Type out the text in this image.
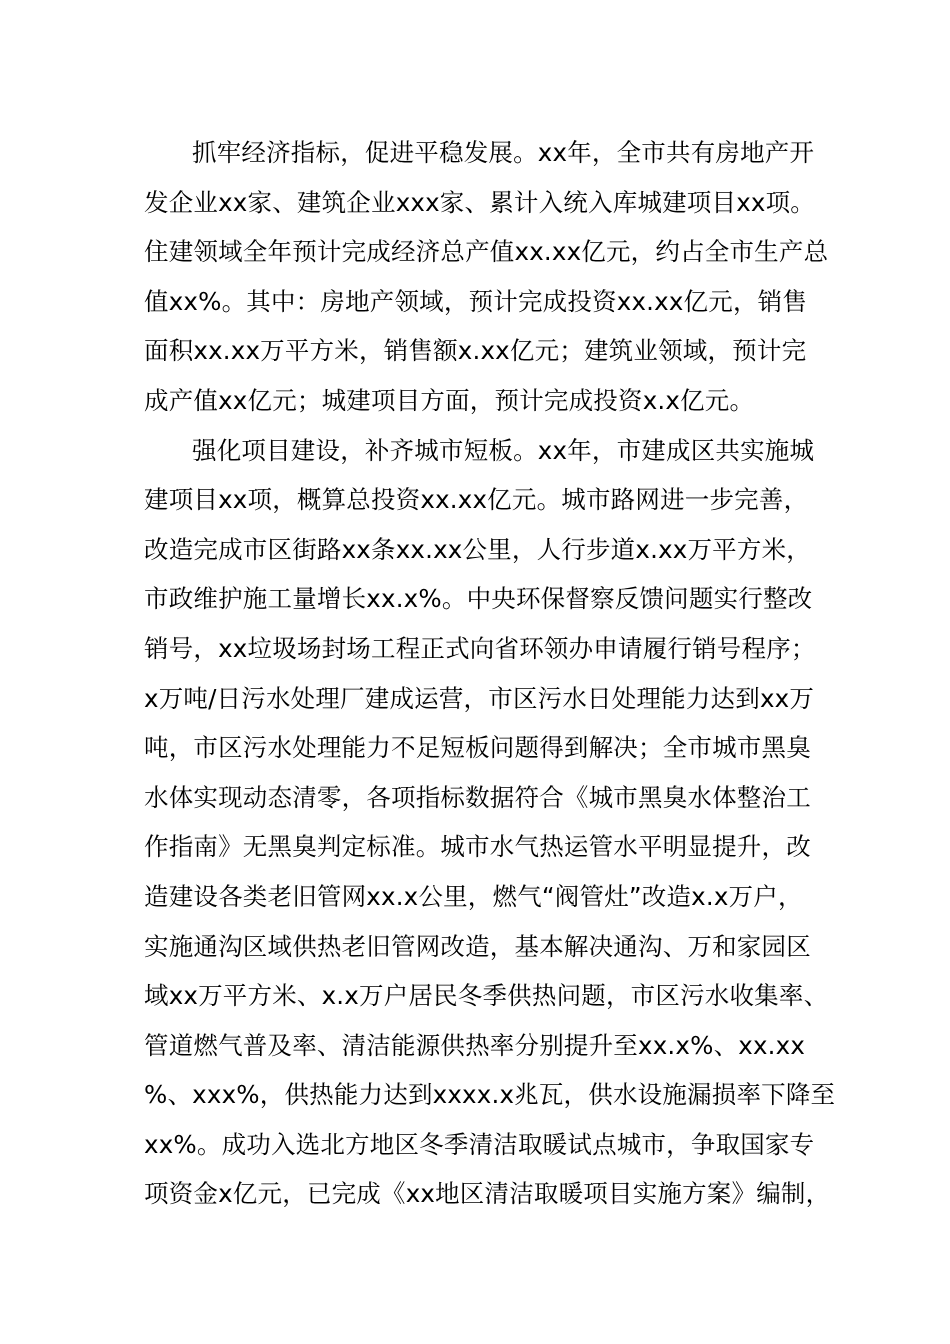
抓牢经济指标，促进平稳发展。xx年，全市共有房地产开
发企业xx家、建筑企业xxx家、累计入统入库城建项目xx项。
住建领域全年预计完成经济总产值xx.xx亿元，约占全市生产总
值xx%。其中：房地产领域，预计完成投资xx.xx亿元，销售
面积xx.xx万平方米，销售额x.xx亿元；建筑业领域，预计完
成产值xx亿元；城建项目方面，预计完成投资x.x亿元。
强化项目建设，补齐城市短板。xx年，市建成区共实施城
建项目xx项，概算总投资xx.xx亿元。城市路网进一步完善，
改造完成市区街路xx条xx.xx公里，人行步道x.xx万平方米，
市政维护施工量增长xx.x%。中央环保督察反馈问题实行整改
销号，xx垃圾场封场工程正式向省环领办申请履行销号程序；
x万吨/日污水处理厂建成运营，市区污水日处理能力达到xx万
吨，市区污水处理能力不足短板问题得到解决；全市城市黑臭
水体实现动态清零，各项指标数据符合《城市黑臭水体整治工
作指南》无黑臭判定标准。城市水气热运管水平明显提升，改
造建设各类老旧管网xx.x公里，燃气“阀管灶”改造x.x万户，
实施通沟区域供热老旧管网改造，基本解决通沟、万和家园区
域xx万平方米、x.x万户居民冬季供热问题，市区污水收集率、
管道燃气普及率、清洁能源供热率分别提升至xx.x%、xx.xx
%、xxx%，供热能力达到xxxx.x兆瓦，供水设施漏损率下降至
xx%。成功入选北方地区冬季清洁取暖试点城市，争取国家专
项资金x亿元，已完成《xx地区清洁取暖项目实施方案》编制，
